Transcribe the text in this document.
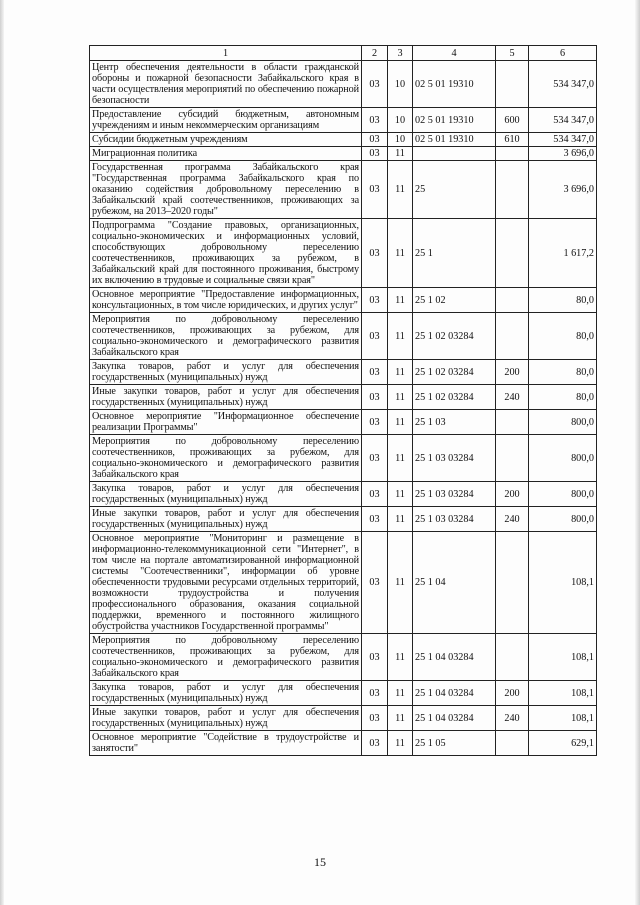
1	2	3	4	5	6
Центр обеспечения деятельности в области гражданской обороны и пожарной безопасности Забайкальского края в части осуществления мероприятий по обеспечению пожарной безопасности	03	10	02 5 01 19310		534 347,0
Предоставление субсидий бюджетным, автономным учреждениям и иным некоммерческим организациям	03	10	02 5 01 19310	600	534 347,0
Субсидии бюджетным учреждениям	03	10	02 5 01 19310	610	534 347,0
Миграционная политика	03	11			3 696,0
Государственная программа Забайкальского края "Государственная программа Забайкальского края по оказанию содействия добровольному переселению в Забайкальский край соотечественников, проживающих за рубежом, на 2013–2020 годы"	03	11	25		3 696,0
Подпрограмма "Создание правовых, организационных, социально-экономических и информационных условий, способствующих добровольному переселению соотечественников, проживающих за рубежом, в Забайкальский край для постоянного проживания, быстрому их включению в трудовые и социальные связи края"	03	11	25 1		1 617,2
Основное мероприятие "Предоставление информационных, консультационных, в том числе юридических, и других услуг"	03	11	25 1 02		80,0
Мероприятия по добровольному переселению соотечественников, проживающих за рубежом, для социально-экономического и демографического развития Забайкальского края	03	11	25 1 02 03284		80,0
Закупка товаров, работ и услуг для обеспечения государственных (муниципальных) нужд	03	11	25 1 02 03284	200	80,0
Иные закупки товаров, работ и услуг для обеспечения государственных (муниципальных) нужд	03	11	25 1 02 03284	240	80,0
Основное мероприятие "Информационное обеспечение реализации Программы"	03	11	25 1 03		800,0
Мероприятия по добровольному переселению соотечественников, проживающих за рубежом, для социально-экономического и демографического развития Забайкальского края	03	11	25 1 03 03284		800,0
Закупка товаров, работ и услуг для обеспечения государственных (муниципальных) нужд	03	11	25 1 03 03284	200	800,0
Иные закупки товаров, работ и услуг для обеспечения государственных (муниципальных) нужд	03	11	25 1 03 03284	240	800,0
Основное мероприятие "Мониторинг и размещение в информационно-телекоммуникационной сети "Интернет", в том числе на портале автоматизированной информационной системы "Соотечественники", информации об уровне обеспеченности трудовыми ресурсами отдельных территорий, возможности трудоустройства и получения профессионального образования, оказания социальной поддержки, временного и постоянного жилищного обустройства участников Государственной программы"	03	11	25 1 04		108,1
Мероприятия по добровольному переселению соотечественников, проживающих за рубежом, для социально-экономического и демографического развития Забайкальского края	03	11	25 1 04 03284		108,1
Закупка товаров, работ и услуг для обеспечения государственных (муниципальных) нужд	03	11	25 1 04 03284	200	108,1
Иные закупки товаров, работ и услуг для обеспечения государственных (муниципальных) нужд	03	11	25 1 04 03284	240	108,1
Основное мероприятие "Содействие в трудоустройстве и занятости"	03	11	25 1 05		629,1
15
